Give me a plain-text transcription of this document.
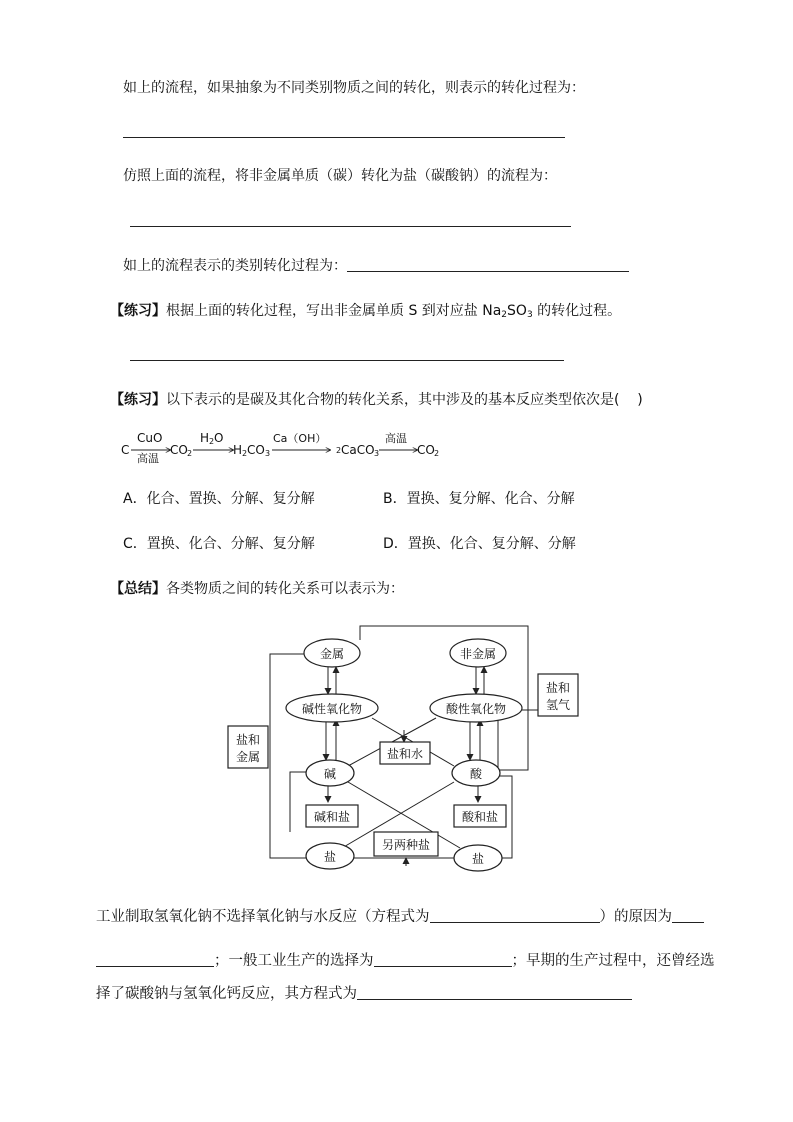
如上的流程，如果抽象为不同类别物质之间的转化，则表示的转化过程为：
仿照上面的流程，将非金属单质（碳）转化为盐（碳酸钠）的流程为：
如上的流程表示的类别转化过程为：
【练习】根据上面的转化过程，写出非金属单质 S 到对应盐 $Na_2SO_3$ 的转化过程。
【练习】以下表示的是碳及其化合物的转化关系，其中涉及的基本反应类型依次是(    )
C
CuO
高温
CO 2
H 2 O
H 2 CO 3
Ca（OH）
2 CaCO 3
高温
CO 2
A．化合、置换、分解、复分解	B．置换、复分解、化合、分解
C．置换、化合、分解、复分解	D．置换、化合、复分解、分解
【总结】各类物质之间的转化关系可以表示为：
金属	非金属
碱性氧化物	酸性氧化物
碱	酸
盐	盐
盐和水
碱和盐	酸和盐
另两种盐
盐和
金属
盐和
氢气
工业制取氢氧化钠不选择氧化钠与水反应（方程式为	）的原因为
；一般工业生产的选择为	；早期的生产过程中，还曾经选
择了碳酸钠与氢氧化钙反应，其方程式为
